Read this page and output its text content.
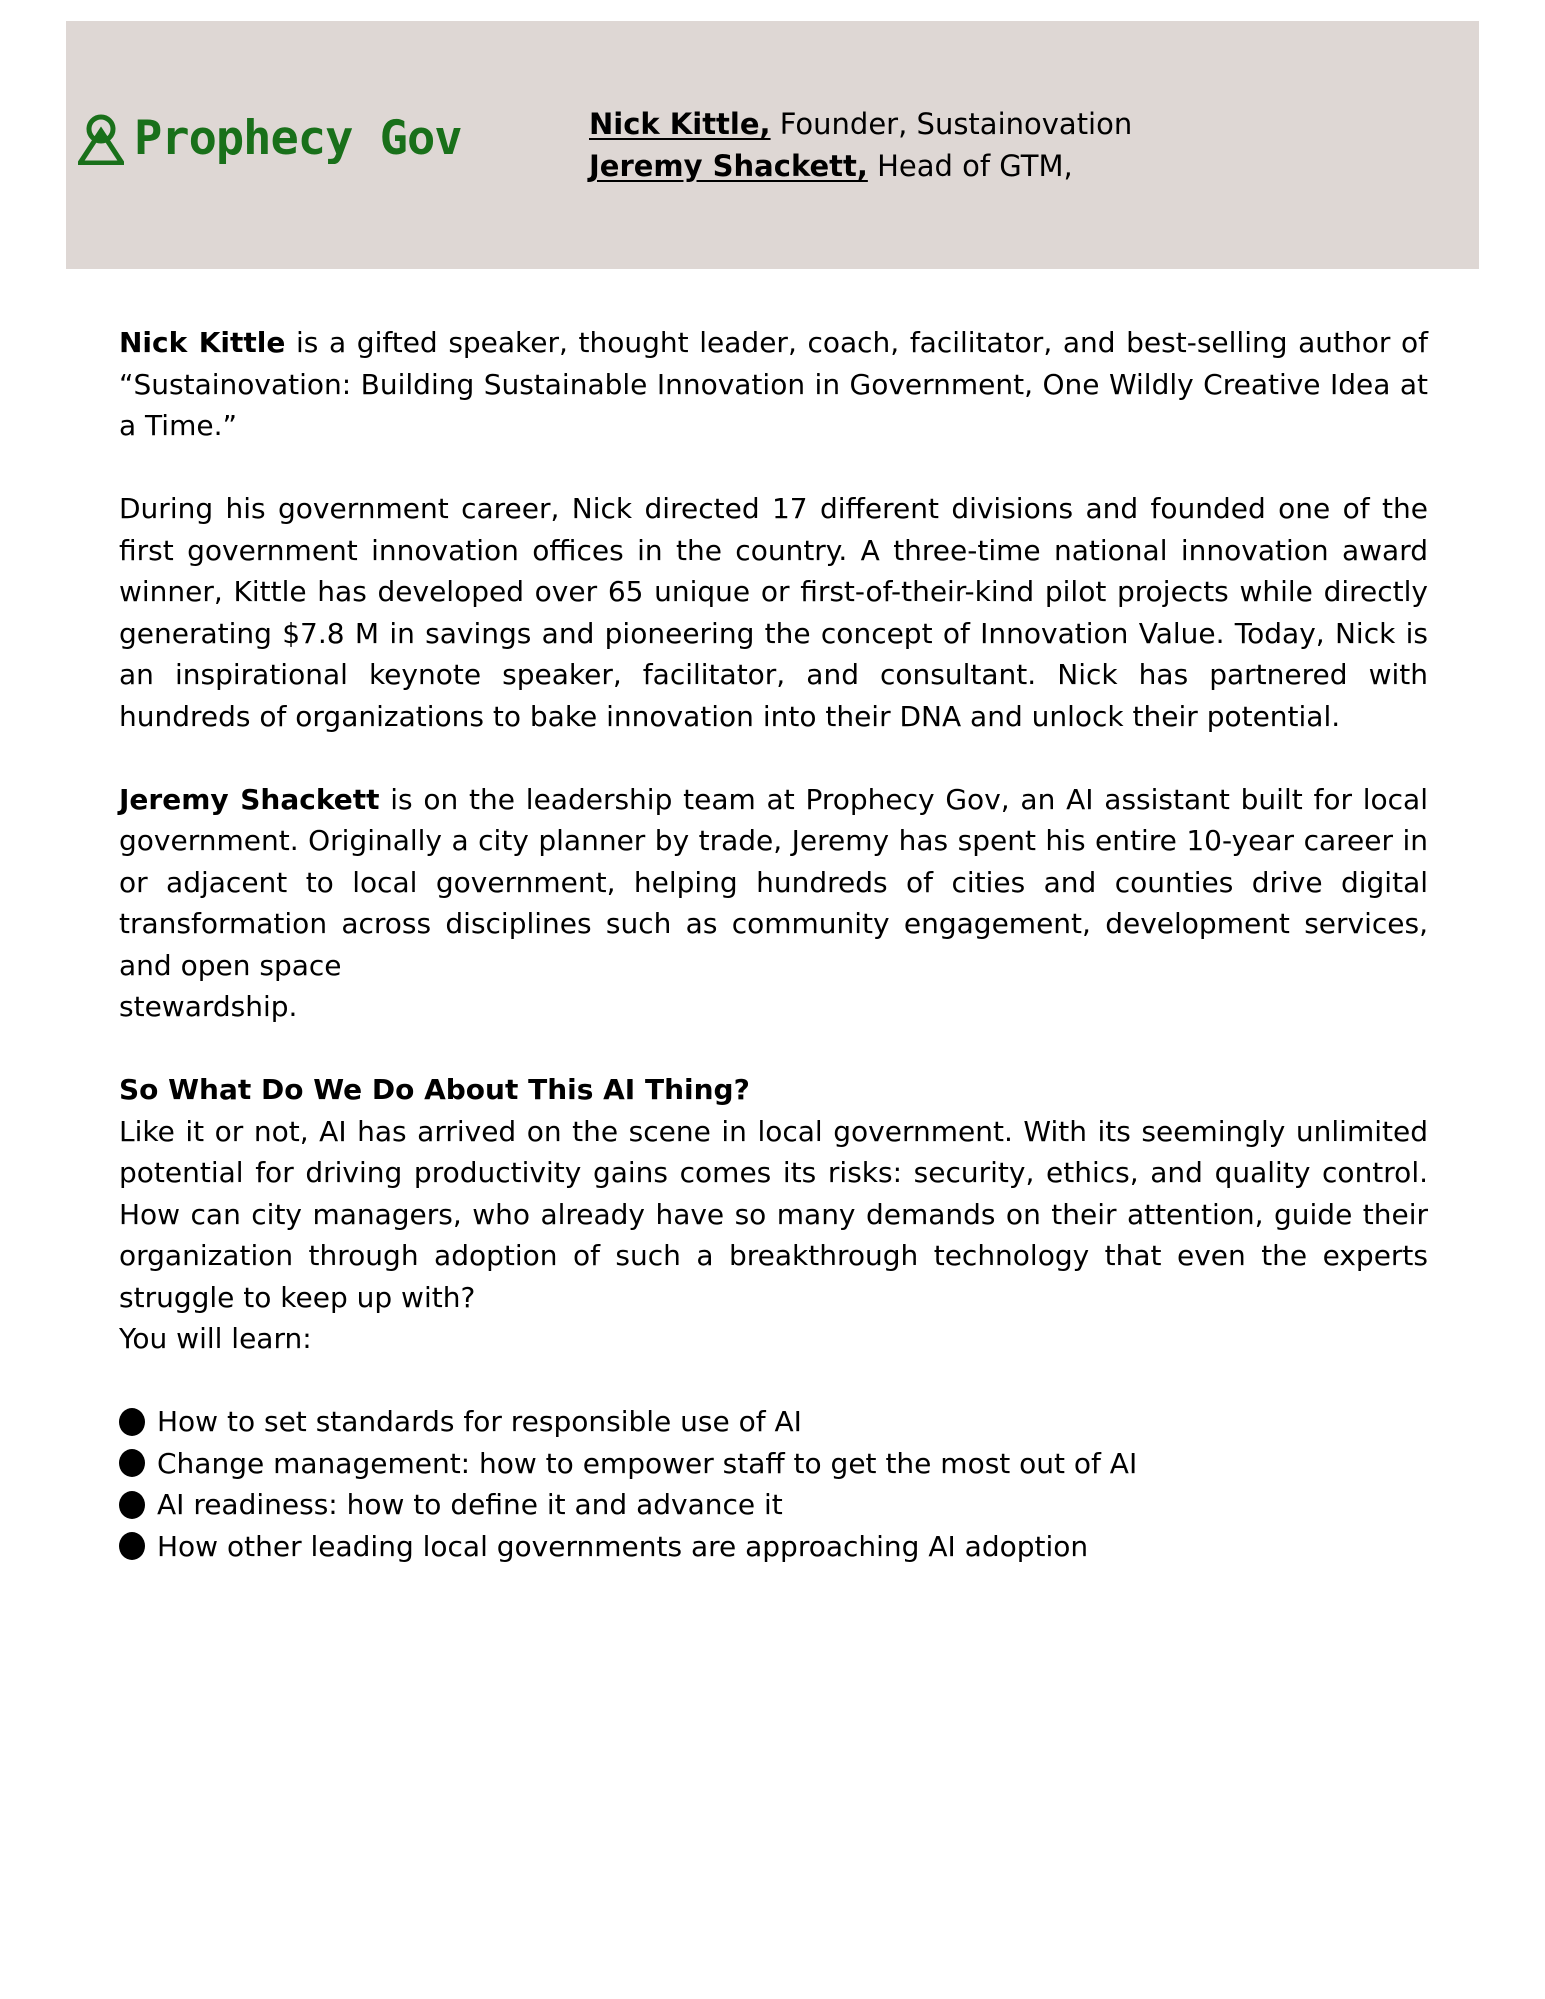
Prophecy Gov	Nick Kittle, Founder, Sustainovation
Jeremy Shackett, Head of GTM,

Nick Kittle is a gifted speaker, thought leader, coach, facilitator, and best-selling author of “Sustainovation: Building Sustainable Innovation in Government, One Wildly Creative Idea at a Time.”

During his government career, Nick directed 17 different divisions and founded one of the first government innovation offices in the country. A three-time national innovation award winner, Kittle has developed over 65 unique or first-of-their-kind pilot projects while directly generating $7.8 M in savings and pioneering the concept of Innovation Value. Today, Nick is an inspirational keynote speaker, facilitator, and consultant. Nick has partnered with hundreds of organizations to bake innovation into their DNA and unlock their potential.

Jeremy Shackett is on the leadership team at Prophecy Gov, an AI assistant built for local government. Originally a city planner by trade, Jeremy has spent his entire 10-year career in or adjacent to local government, helping hundreds of cities and counties drive digital transformation across disciplines such as community engagement, development services, and open space

stewardship.

So What Do We Do About This AI Thing?

Like it or not, AI has arrived on the scene in local government. With its seemingly unlimited potential for driving productivity gains comes its risks: security, ethics, and quality control. How can city managers, who already have so many demands on their attention, guide their organization through adoption of such a breakthrough technology that even the experts struggle to keep up with?

You will learn:
How to set standards for responsible use of AI
Change management: how to empower staff to get the most out of AI
AI readiness: how to define it and advance it
How other leading local governments are approaching AI adoption
